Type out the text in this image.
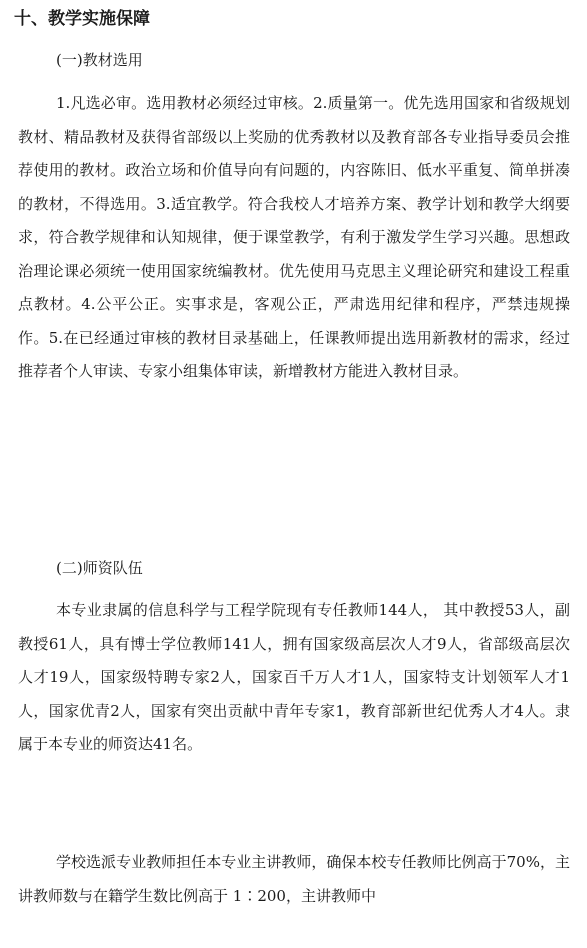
十、教学实施保障
(一)教材选用

1.凡选必审。选用教材必须经过审核。2.质量第一。优先选用国家和省级规划教材、精品教材及获得省部级以上奖励的优秀教材以及教育部各专业指导委员会推荐使用的教材。政治立场和价值导向有问题的，内容陈旧、低水平重复、简单拼凑的教材，不得选用。3.适宜教学。符合我校人才培养方案、教学计划和教学大纲要求，符合教学规律和认知规律，便于课堂教学，有利于激发学生学习兴趣。思想政治理论课必须统一使用国家统编教材。优先使用马克思主义理论研究和建设工程重点教材。4.公平公正。实事求是，客观公正，严肃选用纪律和程序，严禁违规操作。5.在已经通过审核的教材目录基础上，任课教师提出选用新教材的需求，经过推荐者个人审读、专家小组集体审读，新增教材方能进入教材目录。

(二)师资队伍

本专业隶属的信息科学与工程学院现有专任教师144人， 其中教授53人，副教授61人，具有博士学位教师141人，拥有国家级高层次人才9人，省部级高层次人才19人，国家级特聘专家2人，国家百千万人才1人，国家特支计划领军人才1人，国家优青2人，国家有突出贡献中青年专家1，教育部新世纪优秀人才4人。隶属于本专业的师资达41名。

学校选派专业教师担任本专业主讲教师，确保本校专任教师比例高于70%，主讲教师数与在籍学生数比例高于 1∶200，主讲教师中
